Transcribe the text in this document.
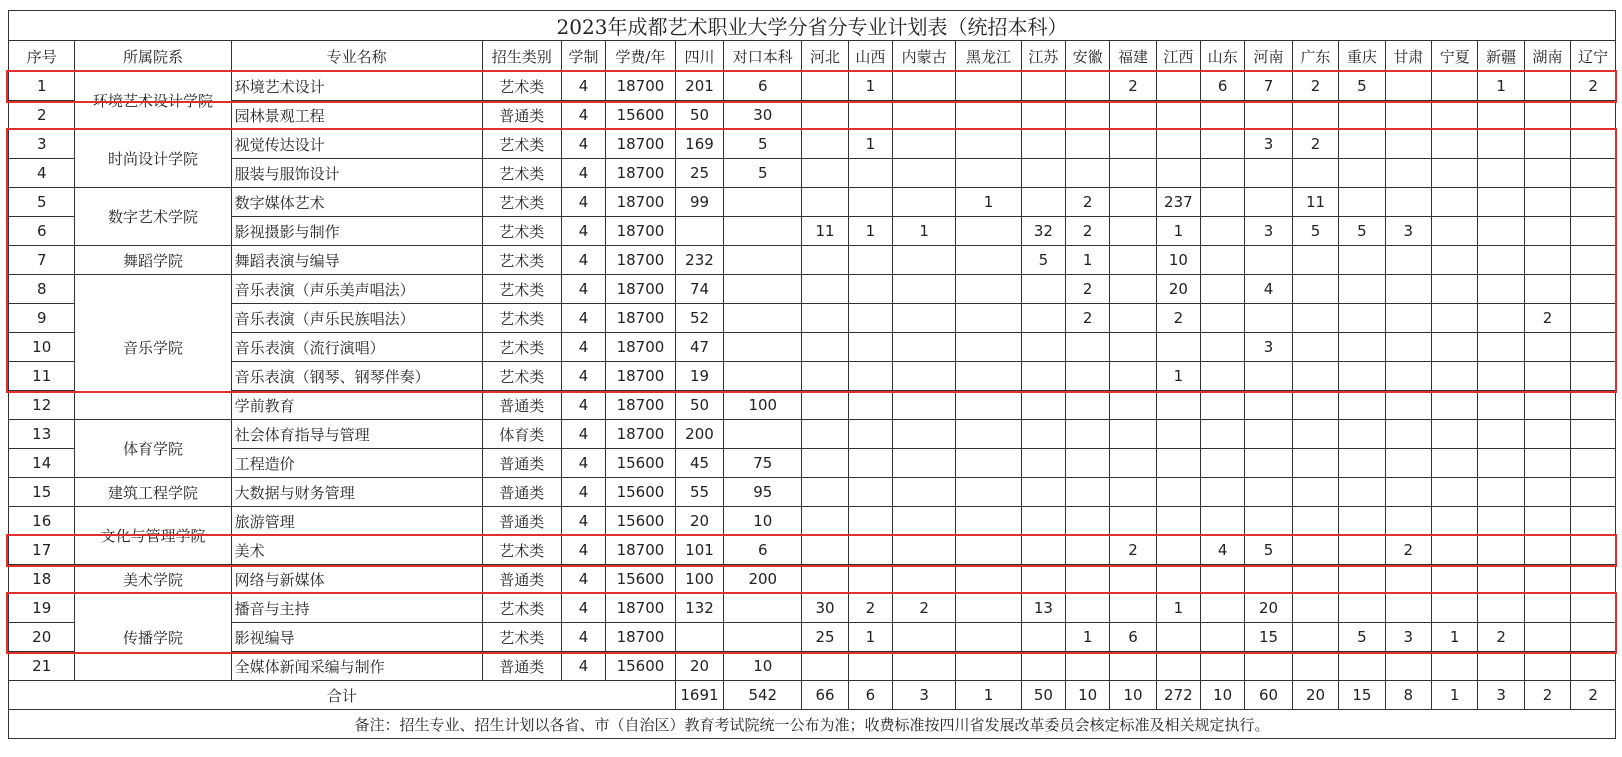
2023年成都艺术职业大学分省分专业计划表（统招本科）																								
序号	所属院系	专业名称	招生类别	学制	学费/年	四川	对口本科	河北	山西	内蒙古	黑龙江	江苏	安徽	福建	江西	山东	河南	广东	重庆	甘肃	宁夏	新疆	湖南	辽宁
1	环境艺术设计学院	环境艺术设计	艺术类	4	18700	201	6		1					2		6	7	2	5			1		2
2		园林景观工程	普通类	4	15600	50	30																	
3	时尚设计学院	视觉传达设计	艺术类	4	18700	169	5		1								3	2						
4		服装与服饰设计	艺术类	4	18700	25	5																	
5	数字艺术学院	数字媒体艺术	艺术类	4	18700	99					1		2		237			11						
6		影视摄影与制作	艺术类	4	18700			11	1	1		32	2		1		3	5	5	3				
7	舞蹈学院	舞蹈表演与编导	艺术类	4	18700	232						5	1		10									
8	音乐学院	音乐表演（声乐美声唱法）	艺术类	4	18700	74							2		20		4							
9		音乐表演（声乐民族唱法）	艺术类	4	18700	52							2		2								2	
10		音乐表演（流行演唱）	艺术类	4	18700	47											3							
11		音乐表演（钢琴、钢琴伴奏）	艺术类	4	18700	19									1									
12		学前教育	普通类	4	18700	50	100																	
13	体育学院	社会体育指导与管理	体育类	4	18700	200																		
14		工程造价	普通类	4	15600	45	75																	
15	建筑工程学院	大数据与财务管理	普通类	4	15600	55	95																	
16	文化与管理学院	旅游管理	普通类	4	15600	20	10																	
17		美术	艺术类	4	18700	101	6							2		4	5			2				
18	美术学院	网络与新媒体	普通类	4	15600	100	200																	
19	传播学院	播音与主持	艺术类	4	18700	132		30	2	2		13			1		20							
20		影视编导	艺术类	4	18700			25	1				1	6			15		5	3	1	2		
21		全媒体新闻采编与制作	普通类	4	15600	20	10																	
合计						1691	542	66	6	3	1	50	10	10	272	10	60	20	15	8	1	3	2	2
备注：招生专业、招生计划以各省、市（自治区）教育考试院统一公布为准；收费标准按四川省发展改革委员会核定标准及相关规定执行。																								
